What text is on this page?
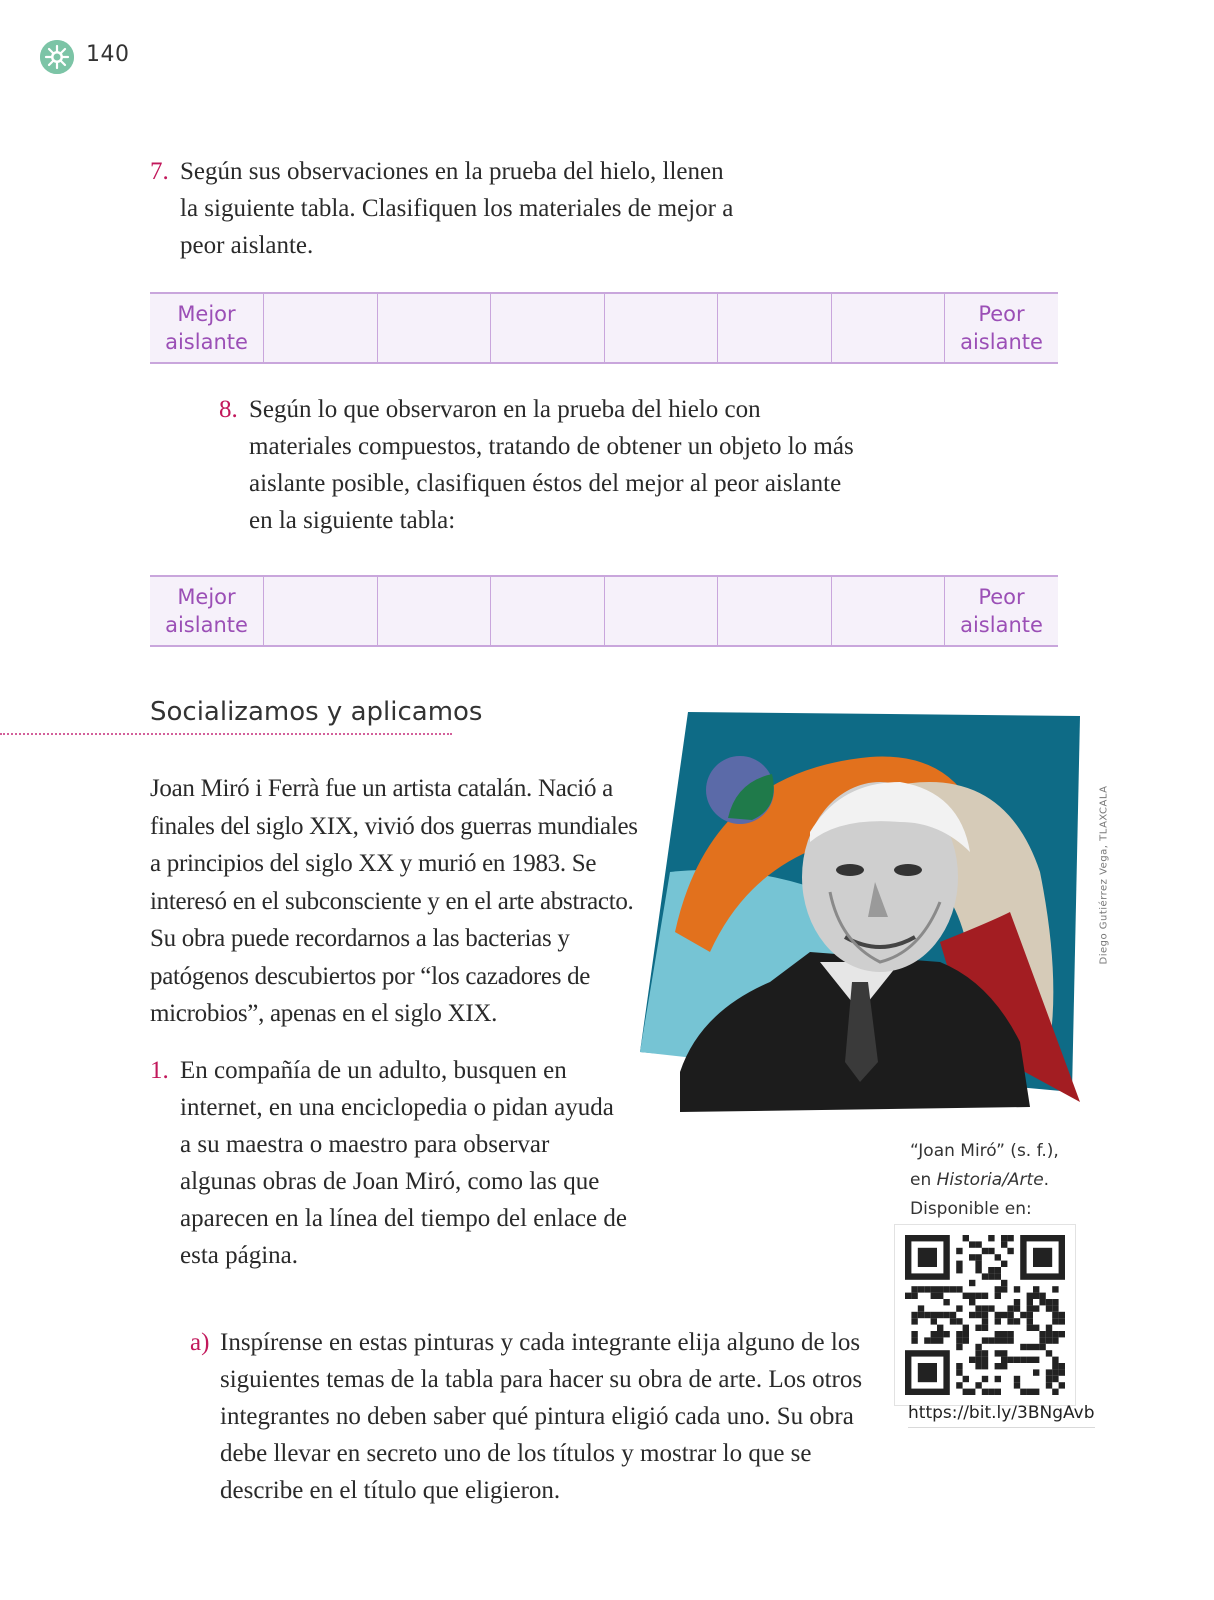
140
7. Según sus observaciones en la prueba del hielo, llenen la siguiente tabla. Clasifiquen los materiales de mejor a peor aislante.
Mejor aislante							Peor aislante
8. Según lo que observaron en la prueba del hielo con materiales compuestos, tratando de obtener un objeto lo más aislante posible, clasifiquen éstos del mejor al peor aislante en la siguiente tabla:
Mejor aislante							Peor aislante
Socializamos y aplicamos
Joan Miró i Ferrà fue un artista catalán. Nació a finales del siglo XIX, vivió dos guerras mundiales a principios del siglo XX y murió en 1983. Se interesó en el subconsciente y en el arte abstracto. Su obra puede recordarnos a las bacterias y patógenos descubiertos por “los cazadores de microbios”, apenas en el siglo XIX.
Diego Gutiérrez Vega, TLAXCALA
1. En compañía de un adulto, busquen en internet, en una enciclopedia o pidan ayuda a su maestra o maestro para observar algunas obras de Joan Miró, como las que aparecen en la línea del tiempo del enlace de esta página.
“Joan Miró” (s. f.),
en Historia/Arte.
Disponible en:
https://bit.ly/3BNgAvb
a) Inspírense en estas pinturas y cada integrante elija alguno de los siguientes temas de la tabla para hacer su obra de arte. Los otros integrantes no deben saber qué pintura eligió cada uno. Su obra debe llevar en secreto uno de los títulos y mostrar lo que se describe en el título que eligieron.
